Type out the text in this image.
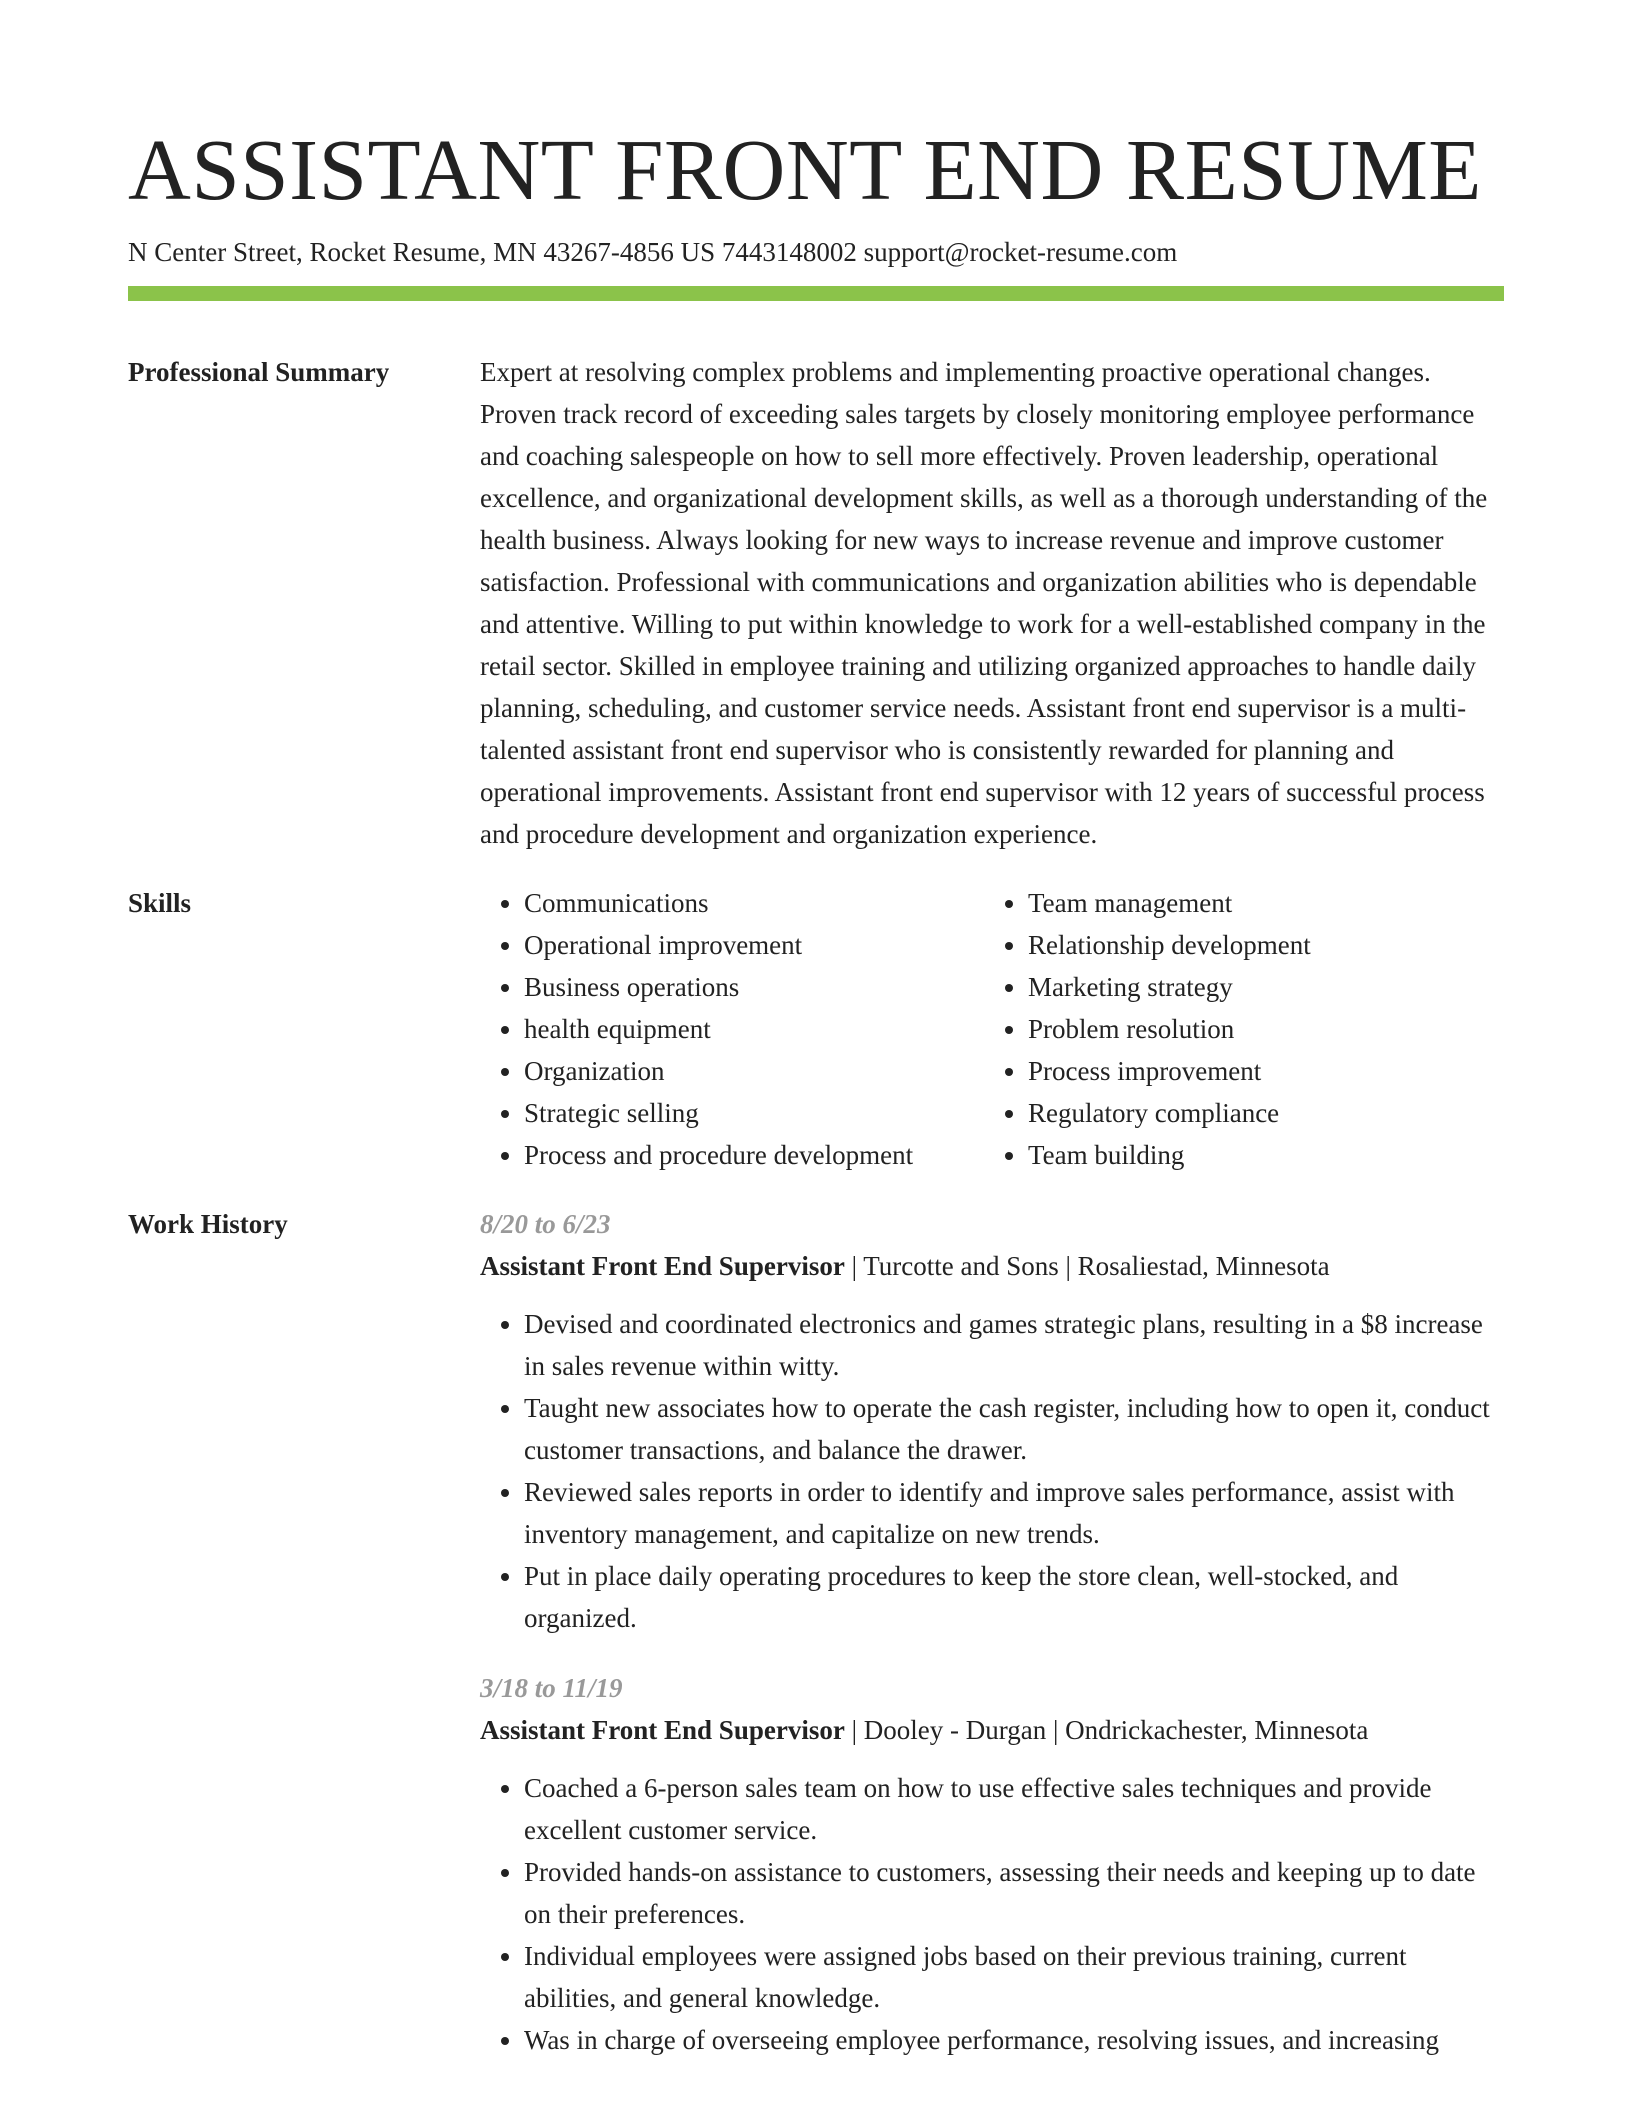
ASSISTANT FRONT END RESUME
N Center Street, Rocket Resume, MN 43267-4856 US 7443148002 support@rocket-resume.com
Professional Summary	Expert at resolving complex problems and implementing proactive operational changes. Proven track record of exceeding sales targets by closely monitoring employee performance and coaching salespeople on how to sell more effectively. Proven leadership, operational excellence, and organizational development skills, as well as a thorough understanding of the health business. Always looking for new ways to increase revenue and improve customer satisfaction. Professional with communications and organization abilities who is dependable and attentive. Willing to put within knowledge to work for a well-established company in the retail sector. Skilled in employee training and utilizing organized approaches to handle daily planning, scheduling, and customer service needs. Assistant front end supervisor is a multi-talented assistant front end supervisor who is consistently rewarded for planning and operational improvements. Assistant front end supervisor with 12 years of successful process and procedure development and organization experience.
Skills
•	Communications
• Operational improvement
• Business operations
• health equipment
• Organization
• Strategic selling
• Process and procedure development
• Team management
• Relationship development
• Marketing strategy
• Problem resolution
• Process improvement
• Regulatory compliance
• Team building
Work History	8/20 to 6/23
Assistant Front End Supervisor | Turcotte and Sons | Rosaliestad, Minnesota
• Devised and coordinated electronics and games strategic plans, resulting in a $8 increase in sales revenue within witty.
• Taught new associates how to operate the cash register, including how to open it, conduct customer transactions, and balance the drawer.
• Reviewed sales reports in order to identify and improve sales performance, assist with inventory management, and capitalize on new trends.
• Put in place daily operating procedures to keep the store clean, well-stocked, and organized.
3/18 to 11/19
Assistant Front End Supervisor | Dooley - Durgan | Ondrickachester, Minnesota
• Coached a 6-person sales team on how to use effective sales techniques and provide excellent customer service.
• Provided hands-on assistance to customers, assessing their needs and keeping up to date on their preferences.
• Individual employees were assigned jobs based on their previous training, current abilities, and general knowledge.
• Was in charge of overseeing employee performance, resolving issues, and increasing
